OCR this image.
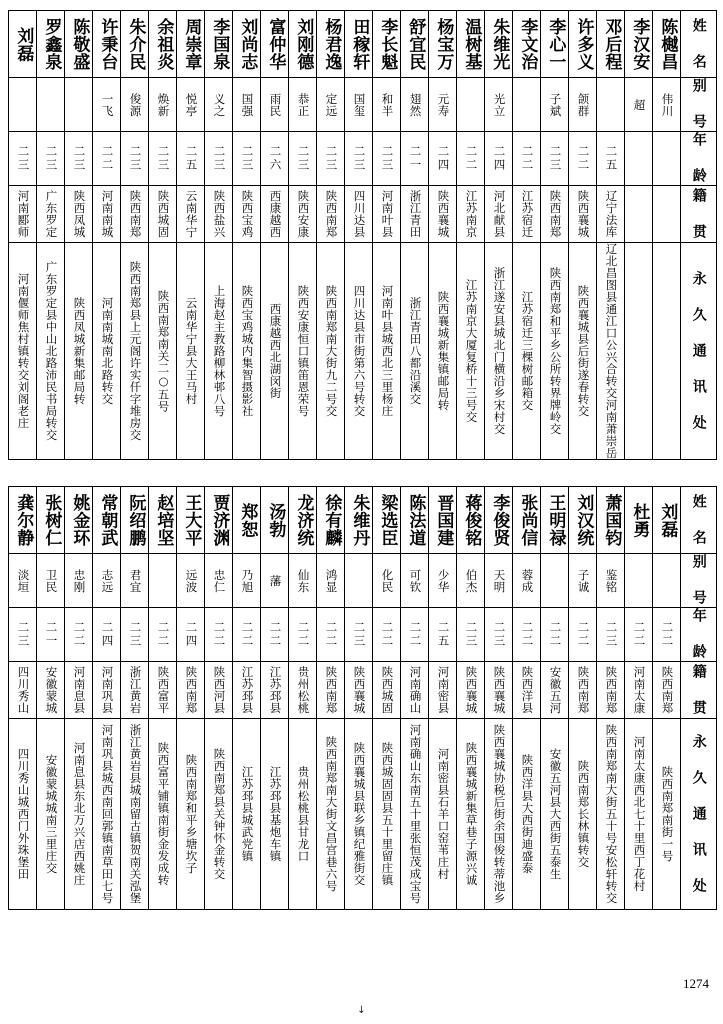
刘磊	罗鑫泉	陈敬盛	许秉台	朱介民	余祖炎	周崇章	李国泉	刘尚志	富仲华	刘刚德	杨君逸	田稼轩	李长魁	舒宜民	杨宝万	温树基	朱维光	李文治	李心一	许多义	邓后程	李汉安	陈樾昌	姓 名

			一飞	俊源	焕新	悦亭	义之	国强	雨民	恭正	定远	国玺	和半	翅然	元寿		光立		子斌	颌群		超	伟川	别 号

二三	二三	二三	二二	二三	二三	二五	二三	二三	二六	二三	二三	二三	二三	二一	二四	二二	二四	二二	二三	二二	二五			年 龄

河南郾师	广东罗定	陕西凤城	河南南城	陕西南郑	陕西城固	云南华宁	陕西盐兴	陕西宝鸡	西康越西	陕西安康	陕西南郑	四川达县	河南叶县	浙江青田	陕西襄城	江苏南京	河北献县	江苏宿迁	陕西南郑	陕西襄城	辽宁法库			籍 贯

河南偃师焦村镇转交刘阁老庄	广东罗定县中山北路沛民书局转交	陕西凤城新集邮局转	河南南城南北路转交	陕西南郑县上元阁许实仟字堆房交	陕西南郑南关二○五号	云南华宁县大王马村	上海赵主教路柳林邨八号	陕西宝鸡城内集智摄影社	西康越西北湖闵街	陕西安康恒口镇笛恩荣号	陕西南郑南大街九二号交	四川达县市街第六号转交	河南叶县城西北三里杨庄	浙江青田八都沿溪交	陕西襄城新集镇邮局转	江苏南京大厦复桥十三号交	浙江遂安县城北门横沿乡宋村交	江苏宿迁三棵树邮箱交	陕西南郑和平乡公所转界牌岭交	陕西襄城县后街遂春转交	辽北昌图县通江口公兴合转交河南萧崇岳			永 久 通 讯 处
龚尔静	张树仁	姚金环	常朝武	阮绍鹏	赵培坚	王大平	贾济渊	郑恕	汤勃	龙济统	徐有麟	朱维丹	梁选臣	陈法道	晋国建	蒋俊铭	李俊贤	张尚信	王明禄	刘汉统	萧国钧	杜勇	刘磊	姓 名

淡垣	卫民	忠刚	志远	君宜		远波	忠仁	乃旭	藩	仙东	鸿显		化民	可钦	少华	伯杰	天明	蓉成		子诚	鉴铭			别 号

二三	二一	二二	二四	二三	二二	二四	二二	二二	二二	二二	二二	二三	二二	二二	二五	二三	二三	二二	二二	二二	二三	二二	二二	年 龄

四川秀山	安徽蒙城	河南息县	河南巩县	浙江黄岩	陕西富平	陕西南郑	陕西河县	江苏邳县	江苏邳县	贵州松桃	陕西南郑	陕西襄城	陕西城固	河南确山	河南密县	陕西襄城	陕西襄城	陕西洋县	安徽五河	陕西南郑	陕西南郑	河南太康	陕西南郑	籍 贯

四川秀山城西门外珠堡田	安徽蒙城城南三里庄交	河南息县东北万兴店西姚庄	河南巩县城西南回郭镇南草田七号	浙江黄岩县城南留古镇贺南关泓堡	陕西富平铺镇南街金发成转	陕西南郑和平乡塘坎子	陕西南郑县关钟怀金转交	江苏邳县城武党镇	江苏邳县基炮车镇	贵州松桃县甘龙口	陕西南郑南大街文昌宫巷六号	陕西襄城县联乡镇纪雅街交	陕西城固固县五十里留庄镇	河南确山东南五十里张恒茂成宝号	河南密县石羊口窑苇庄村	陕西襄城新集草巷子源兴诚	陕西襄城协税后街余国俊转蒂池乡	陕西洋县大西街迪盛泰	安徽五河县大西街五泰生	陕西南郑长林镇转交	陕西南郑南大街五十号安松轩转交	河南太康西北七十里西丁花村	陕西南郑南街一号	永 久 通 讯 处
1274
↓
